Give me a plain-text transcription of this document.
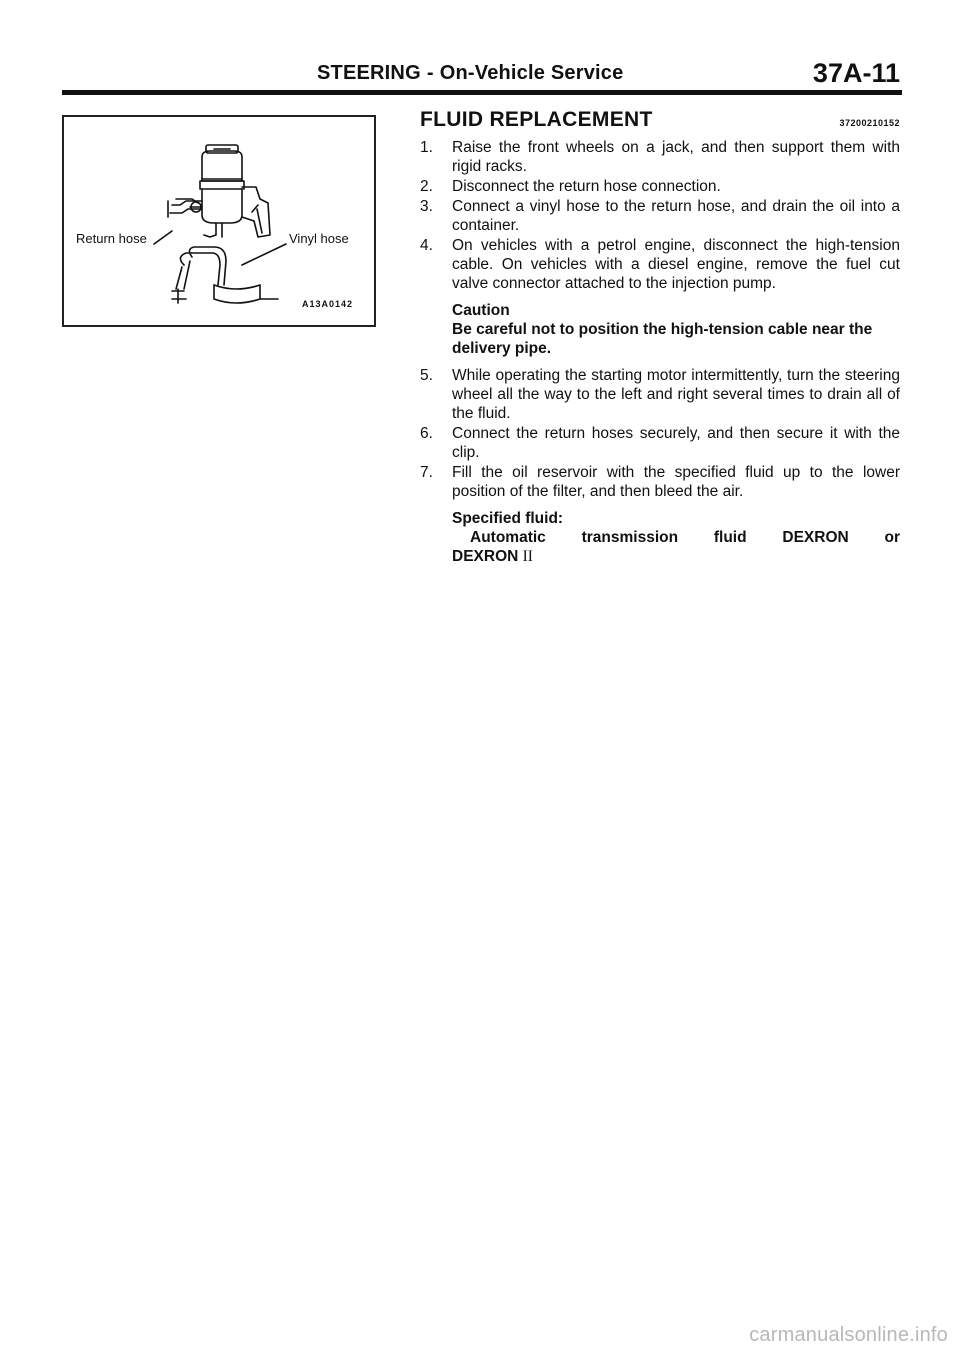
STEERING - On-Vehicle Service	37A-11
Return hose	Vinyl hose
A13A0142
FLUID REPLACEMENT	37200210152
1.	Raise the front wheels on a jack, and then support them with rigid racks.
2.	Disconnect the return hose connection.
3.	Connect a vinyl hose to the return hose, and drain the oil into a container.
4.	On vehicles with a petrol engine, disconnect the high-tension cable. On vehicles with a diesel engine, remove the fuel cut valve connector attached to the injection pump.
Caution
Be careful not to position the high-tension cable near the delivery pipe.
5.	While operating the starting motor intermittently, turn the steering wheel all the way to the left and right several times to drain all of the fluid.
6.	Connect the return hoses securely, and then secure it with the clip.
7.	Fill the oil reservoir with the specified fluid up to the lower position of the filter, and then bleed the air.
Specified fluid:
Automatic transmission fluid DEXRON or
DEXRON II
carmanualsonline.info
